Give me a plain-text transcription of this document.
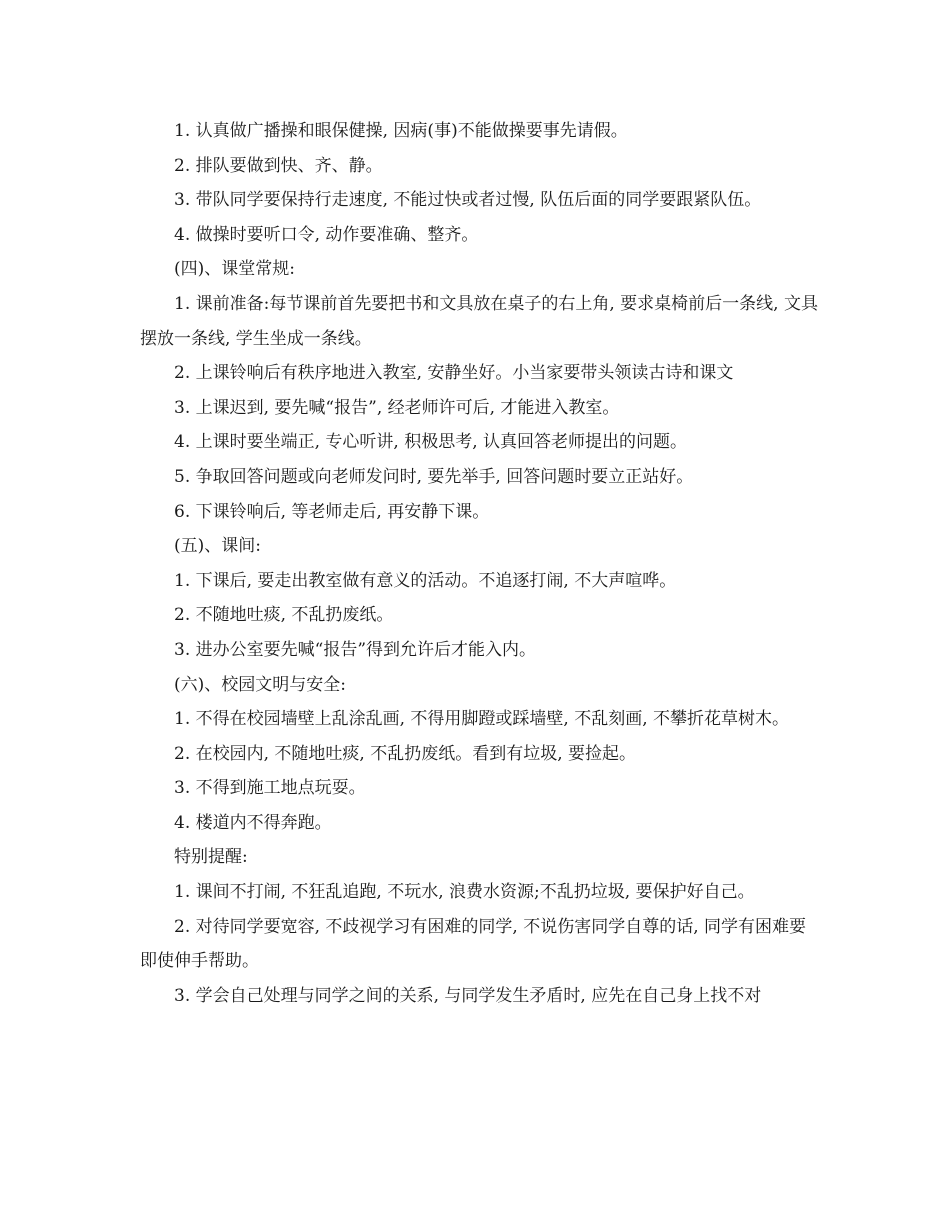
1. 认真做广播操和眼保健操, 因病(事)不能做操要事先请假。

2. 排队要做到快、齐、静。

3. 带队同学要保持行走速度, 不能过快或者过慢, 队伍后面的同学要跟紧队伍。

4. 做操时要听口令, 动作要准确、整齐。

(四)、课堂常规:

1. 课前准备:每节课前首先要把书和文具放在桌子的右上角, 要求桌椅前后一条线, 文具摆放一条线, 学生坐成一条线。

2. 上课铃响后有秩序地进入教室, 安静坐好。小当家要带头领读古诗和课文

3. 上课迟到, 要先喊“报告”, 经老师许可后, 才能进入教室。

4. 上课时要坐端正, 专心听讲, 积极思考, 认真回答老师提出的问题。

5. 争取回答问题或向老师发问时, 要先举手, 回答问题时要立正站好。

6. 下课铃响后, 等老师走后, 再安静下课。

(五)、课间:

1. 下课后, 要走出教室做有意义的活动。不追逐打闹, 不大声喧哗。

2. 不随地吐痰, 不乱扔废纸。

3. 进办公室要先喊“报告”得到允许后才能入内。

(六)、校园文明与安全:

1. 不得在校园墙壁上乱涂乱画, 不得用脚蹬或踩墙壁, 不乱刻画, 不攀折花草树木。

2. 在校园内, 不随地吐痰, 不乱扔废纸。看到有垃圾, 要捡起。

3. 不得到施工地点玩耍。

4. 楼道内不得奔跑。

特别提醒:

1. 课间不打闹, 不狂乱追跑, 不玩水, 浪费水资源;不乱扔垃圾, 要保护好自己。

2. 对待同学要宽容, 不歧视学习有困难的同学, 不说伤害同学自尊的话, 同学有困难要即使伸手帮助。

3. 学会自己处理与同学之间的关系, 与同学发生矛盾时, 应先在自己身上找不对
